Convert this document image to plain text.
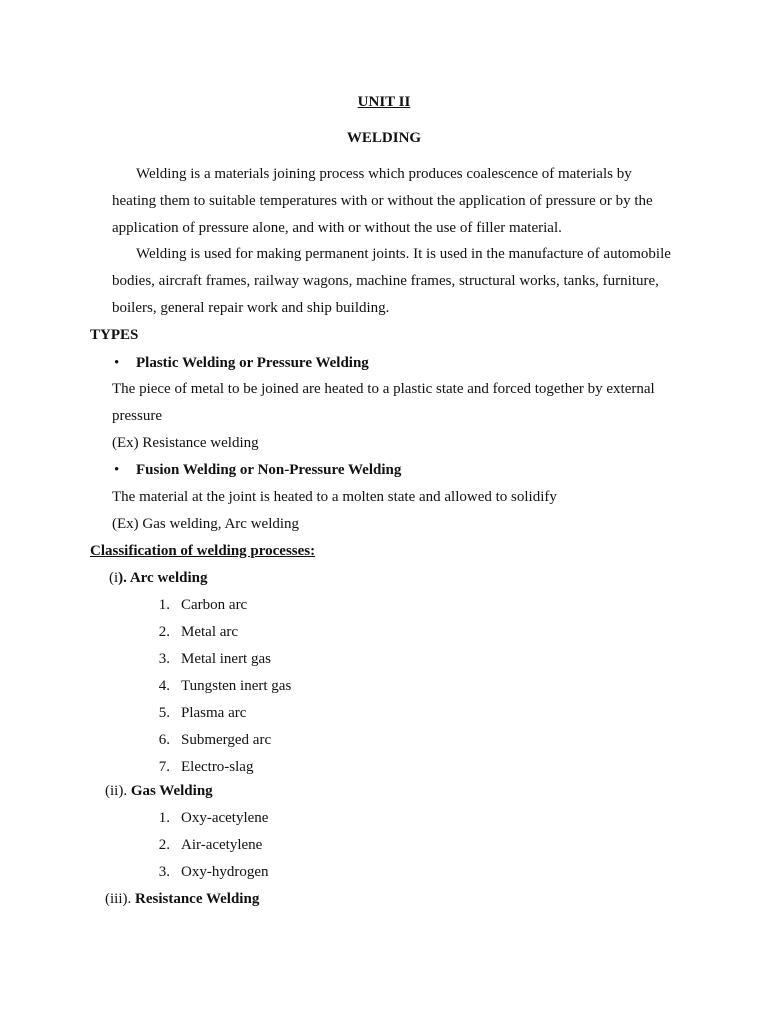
UNIT II
WELDING
Welding is a materials joining process which produces coalescence of materials by
heating them to suitable temperatures with or without the application of pressure or by the
application of pressure alone, and with or without the use of filler material.
Welding is used for making permanent joints. It is used in the manufacture of automobile
bodies, aircraft frames, railway wagons, machine frames, structural works, tanks, furniture,
boilers, general repair work and ship building.
TYPES
• Plastic Welding or Pressure Welding
The piece of metal to be joined are heated to a plastic state and forced together by external
pressure
(Ex) Resistance welding
• Fusion Welding or Non-Pressure Welding
The material at the joint is heated to a molten state and allowed to solidify
(Ex) Gas welding, Arc welding
Classification of welding processes:
(i). Arc welding
1. Carbon arc
2. Metal arc
3. Metal inert gas
4. Tungsten inert gas
5. Plasma arc
6. Submerged arc
7. Electro-slag
(ii). Gas Welding
1. Oxy-acetylene
2. Air-acetylene
3. Oxy-hydrogen
(iii). Resistance Welding
